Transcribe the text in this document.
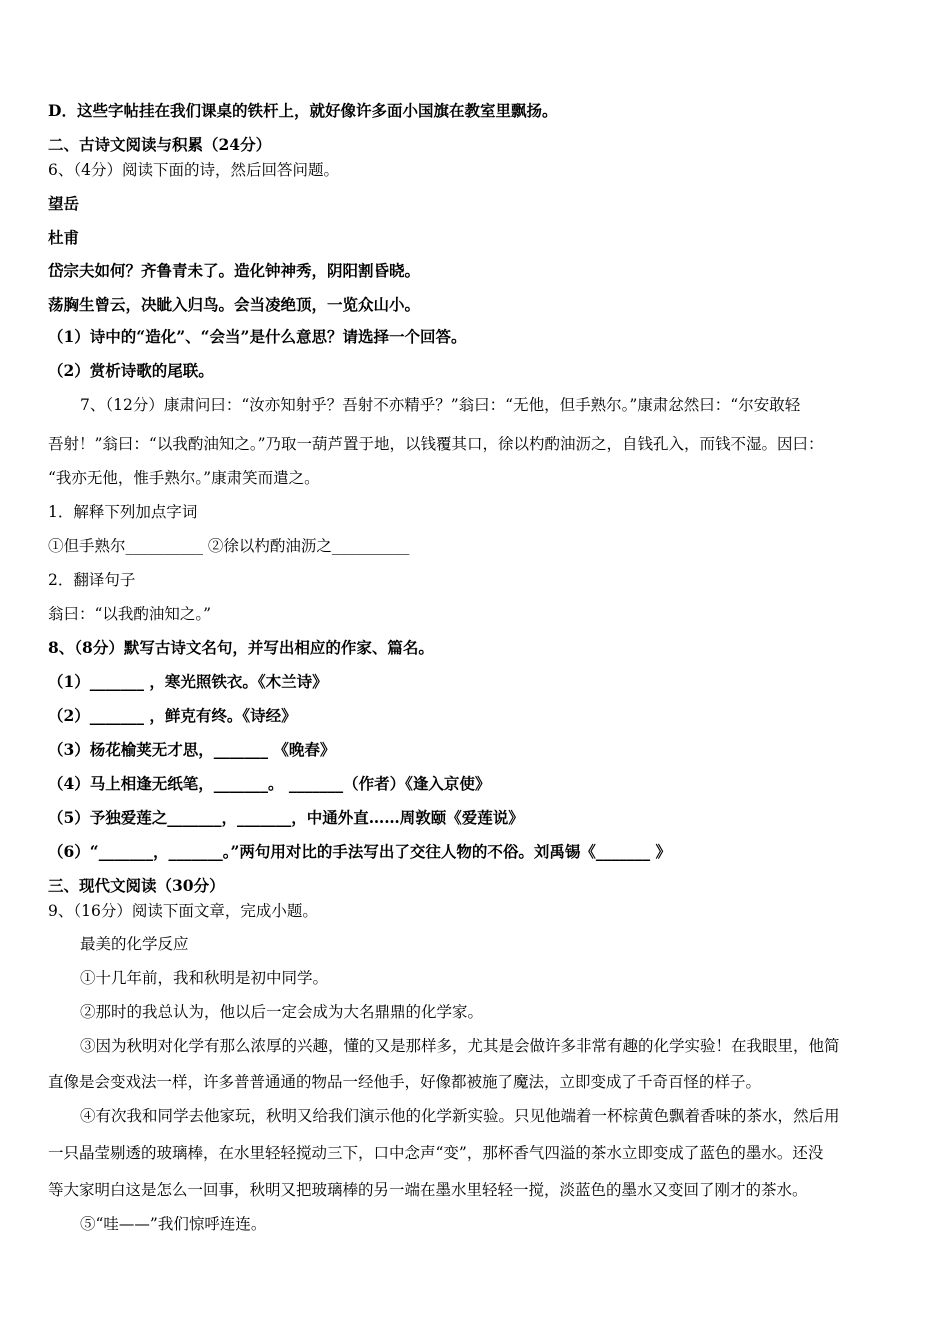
D．这些字帖挂在我们课桌的铁杆上，就好像许多面小国旗在教室里飘扬。
二、古诗文阅读与积累（24分）
6、（4分）阅读下面的诗，然后回答问题。
望岳
杜甫
岱宗夫如何？齐鲁青未了。造化钟神秀，阴阳割昏晓。
荡胸生曾云，决眦入归鸟。会当凌绝顶，一览众山小。
（1）诗中的“造化”、“会当”是什么意思？请选择一个回答。
（2）赏析诗歌的尾联。
7、（12分）康肃问曰：“汝亦知射乎？吾射不亦精乎？”翁曰：“无他，但手熟尔。”康肃忿然曰：“尔安敢轻
吾射！”翁曰：“以我酌油知之。”乃取一葫芦置于地，以钱覆其口，徐以杓酌油沥之，自钱孔入，而钱不湿。因曰：
“我亦无他，惟手熟尔。”康肃笑而遣之。
1．解释下列加点字词
①但手熟尔__________ ②徐以杓酌油沥之__________
2．翻译句子
翁曰：“以我酌油知之。”
8、（8分）默写古诗文名句，并写出相应的作家、篇名。
（1）_______ ，寒光照铁衣。《木兰诗》
（2）_______ ，鲜克有终。《诗经》
（3）杨花榆荚无才思，_______ 《晚春》
（4）马上相逢无纸笔，_______。 _______（作者）《逢入京使》
（5）予独爱莲之_______，_______，中通外直……周敦颐《爱莲说》
（6）“_______，_______。”两句用对比的手法写出了交往人物的不俗。刘禹锡《_______ 》
三、现代文阅读（30分）
9、（16分）阅读下面文章，完成小题。
最美的化学反应
①十几年前，我和秋明是初中同学。
②那时的我总认为，他以后一定会成为大名鼎鼎的化学家。
③因为秋明对化学有那么浓厚的兴趣，懂的又是那样多，尤其是会做许多非常有趣的化学实验！在我眼里，他简
直像是会变戏法一样，许多普普通通的物品一经他手，好像都被施了魔法，立即变成了千奇百怪的样子。
④有次我和同学去他家玩，秋明又给我们演示他的化学新实验。只见他端着一杯棕黄色飘着香味的茶水，然后用
一只晶莹剔透的玻璃棒，在水里轻轻搅动三下，口中念声“变”，那杯香气四溢的茶水立即变成了蓝色的墨水。还没
等大家明白这是怎么一回事，秋明又把玻璃棒的另一端在墨水里轻轻一搅，淡蓝色的墨水又变回了刚才的茶水。
⑤“哇——”我们惊呼连连。
